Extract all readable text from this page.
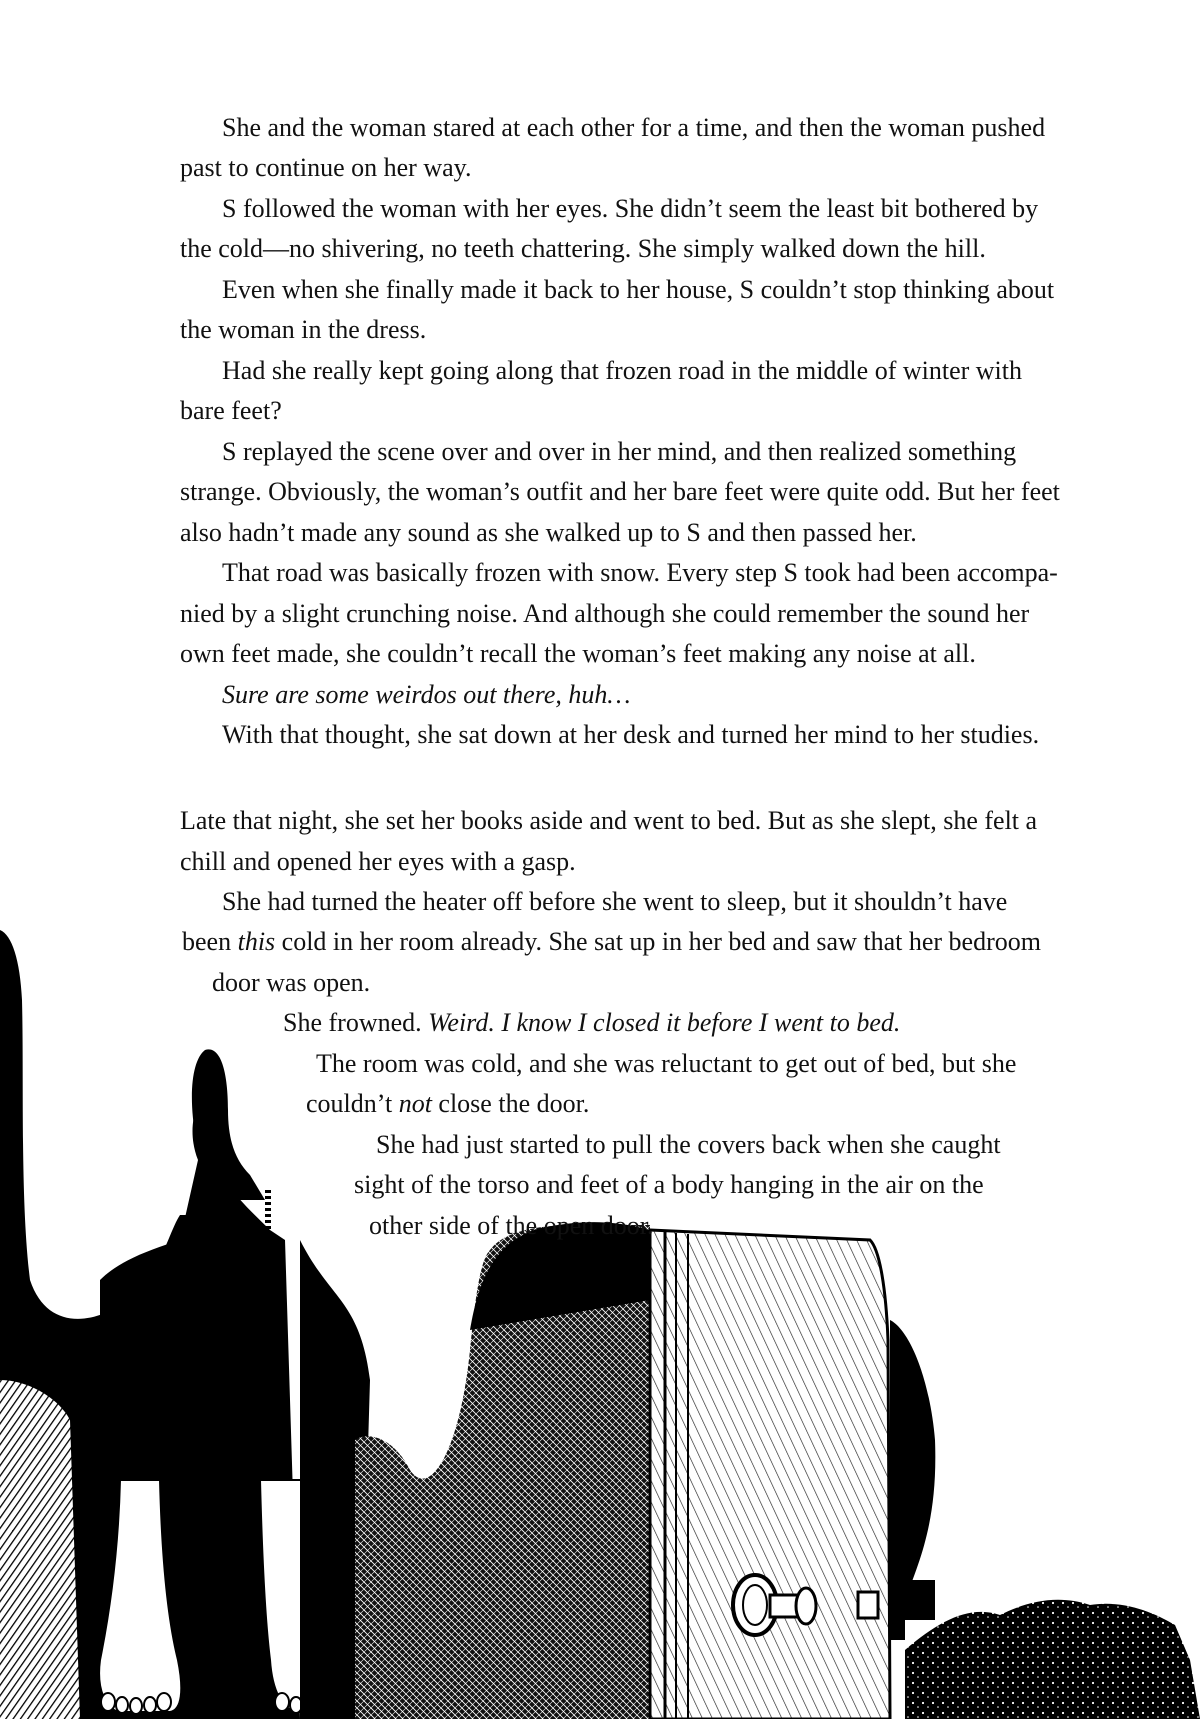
She and the woman stared at each other for a time, and then the woman pushed
past to continue on her way.
S followed the woman with her eyes. She didn’t seem the least bit bothered by
the cold—no shivering, no teeth chattering. She simply walked down the hill.
Even when she finally made it back to her house, S couldn’t stop thinking about
the woman in the dress.
Had she really kept going along that frozen road in the middle of winter with
bare feet?
S replayed the scene over and over in her mind, and then realized something
strange. Obviously, the woman’s outfit and her bare feet were quite odd. But her feet
also hadn’t made any sound as she walked up to S and then passed her.
That road was basically frozen with snow. Every step S took had been accompa-
nied by a slight crunching noise. And although she could remember the sound her
own feet made, she couldn’t recall the woman’s feet making any noise at all.
Sure are some weirdos out there, huh…
With that thought, she sat down at her desk and turned her mind to her studies.
Late that night, she set her books aside and went to bed. But as she slept, she felt a
chill and opened her eyes with a gasp.
She had turned the heater off before she went to sleep, but it shouldn’t have
been this cold in her room already. She sat up in her bed and saw that her bedroom
door was open.
She frowned. Weird. I know I closed it before I went to bed.
The room was cold, and she was reluctant to get out of bed, but she
couldn’t not close the door.
She had just started to pull the covers back when she caught
sight of the torso and feet of a body hanging in the air on the
other side of the open door.
